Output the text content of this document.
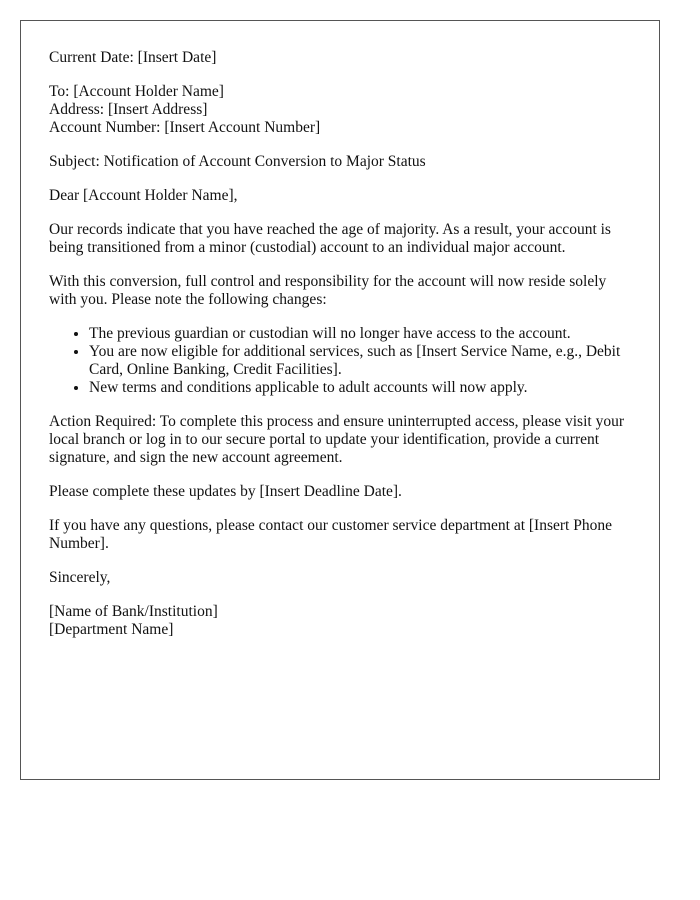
Current Date: [Insert Date]
To: [Account Holder Name]
Address: [Insert Address]
Account Number: [Insert Account Number]

Subject: Notification of Account Conversion to Major Status

Dear [Account Holder Name],

Our records indicate that you have reached the age of majority. As a result, your account is being transitioned from a minor (custodial) account to an individual major account.

With this conversion, full control and responsibility for the account will now reside solely with you. Please note the following changes:

• The previous guardian or custodian will no longer have access to the account.
• You are now eligible for additional services, such as [Insert Service Name, e.g., Debit Card, Online Banking, Credit Facilities].
• New terms and conditions applicable to adult accounts will now apply.

Action Required: To complete this process and ensure uninterrupted access, please visit your local branch or log in to our secure portal to update your identification, provide a current signature, and sign the new account agreement.

Please complete these updates by [Insert Deadline Date].

If you have any questions, please contact our customer service department at [Insert Phone Number].

Sincerely,

[Name of Bank/Institution]
[Department Name]
